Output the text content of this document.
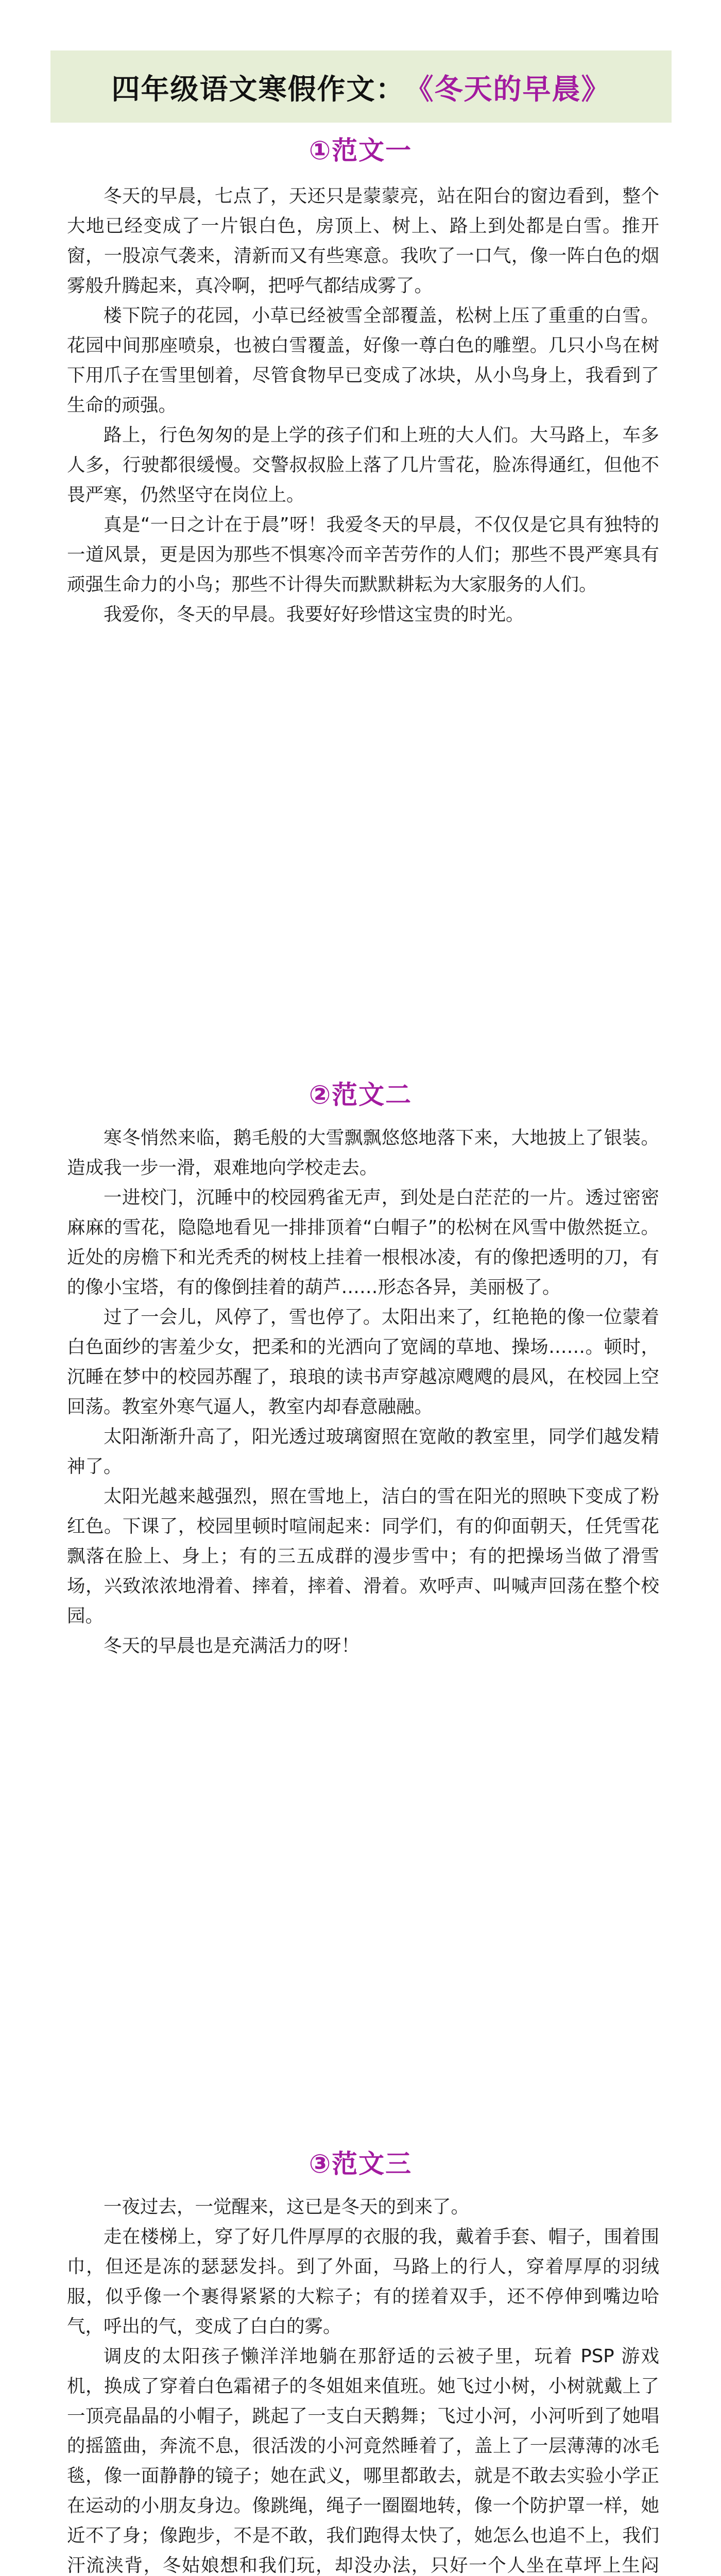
四年级语文寒假作文： 《冬天的早晨》
①范文一

冬天的早晨，七点了，天还只是蒙蒙亮，站在阳台的窗边看到，整个大地已经变成了一片银白色，房顶上、树上、路上到处都是白雪。推开窗，一股凉气袭来，清新而又有些寒意。我吹了一口气，像一阵白色的烟雾般升腾起来，真冷啊，把呼气都结成雾了。

楼下院子的花园，小草已经被雪全部覆盖，松树上压了重重的白雪。花园中间那座喷泉，也被白雪覆盖，好像一尊白色的雕塑。几只小鸟在树下用爪子在雪里刨着，尽管食物早已变成了冰块，从小鸟身上，我看到了生命的顽强。

路上，行色匆匆的是上学的孩子们和上班的大人们。大马路上，车多人多，行驶都很缓慢。交警叔叔脸上落了几片雪花，脸冻得通红，但他不畏严寒，仍然坚守在岗位上。

真是“一日之计在于晨”呀！我爱冬天的早晨，不仅仅是它具有独特的一道风景，更是因为那些不惧寒冷而辛苦劳作的人们；那些不畏严寒具有顽强生命力的小鸟；那些不计得失而默默耕耘为大家服务的人们。

我爱你，冬天的早晨。我要好好珍惜这宝贵的时光。

②范文二

寒冬悄然来临，鹅毛般的大雪飘飘悠悠地落下来，大地披上了银装。造成我一步一滑，艰难地向学校走去。

一进校门，沉睡中的校园鸦雀无声，到处是白茫茫的一片。透过密密麻麻的雪花，隐隐地看见一排排顶着“白帽子”的松树在风雪中傲然挺立。近处的房檐下和光秃秃的树枝上挂着一根根冰凌，有的像把透明的刀，有的像小宝塔，有的像倒挂着的葫芦……形态各异，美丽极了。

过了一会儿，风停了，雪也停了。太阳出来了，红艳艳的像一位蒙着白色面纱的害羞少女，把柔和的光洒向了宽阔的草地、操场……。顿时，沉睡在梦中的校园苏醒了，琅琅的读书声穿越凉飕飕的晨风，在校园上空回荡。教室外寒气逼人，教室内却春意融融。

太阳渐渐升高了，阳光透过玻璃窗照在宽敞的教室里，同学们越发精神了。

太阳光越来越强烈，照在雪地上，洁白的雪在阳光的照映下变成了粉红色。下课了，校园里顿时喧闹起来：同学们，有的仰面朝天，任凭雪花飘落在脸上、身上；有的三五成群的漫步雪中；有的把操场当做了滑雪场，兴致浓浓地滑着、摔着，摔着、滑着。欢呼声、叫喊声回荡在整个校园。

冬天的早晨也是充满活力的呀！

③范文三

一夜过去，一觉醒来，这已是冬天的到来了。

走在楼梯上，穿了好几件厚厚的衣服的我，戴着手套、帽子，围着围巾，但还是冻的瑟瑟发抖。到了外面，马路上的行人，穿着厚厚的羽绒服，似乎像一个裹得紧紧的大粽子；有的搓着双手，还不停伸到嘴边哈气，呼出的气，变成了白白的雾。

调皮的太阳孩子懒洋洋地躺在那舒适的云被子里，玩着 PSP 游戏机，换成了穿着白色霜裙子的冬姐姐来值班。她飞过小树，小树就戴上了一顶亮晶晶的小帽子，跳起了一支白天鹅舞；飞过小河，小河听到了她唱的摇篮曲，奔流不息，很活泼的小河竟然睡着了，盖上了一层薄薄的冰毛毯，像一面静静的镜子；她在武义，哪里都敢去，就是不敢去实验小学正在运动的小朋友身边。像跳绳，绳子一圈圈地转，像一个防护罩一样，她近不了身；像跑步，不是不敢，我们跑得太快了，她怎么也追不上，我们汗流浃背，冬姑娘想和我们玩，却没办法，只好一个人坐在草坪上生闷
